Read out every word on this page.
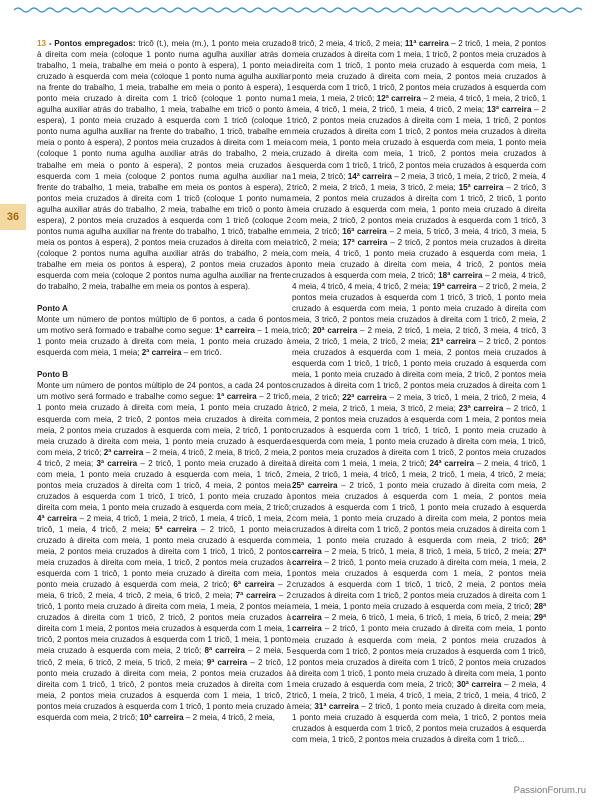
36

13 - Pontos empregados: tricô (t.), meia (m.), 1 ponto meia cruzado à direita com meia (coloque 1 ponto numa agulha auxiliar atrás do trabalho, 1 meia, trabalhe em meia o ponto à espera), 1 ponto meia cruzado à esquerda com meia (coloque 1 ponto numa agulha auxiliar na frente do trabalho, 1 meia, trabalhe em meia o ponto à espera), 1 ponto meia cruzado à direita com 1 tricô (coloque 1 ponto numa agulha auxiliar atrás do trabalho, 1 meia, trabalhe em tricô o ponto à espera), 1 ponto meia cruzado à esquerda com 1 tricô (coloque 1 ponto numa agulha auxiliar na frente do trabalho, 1 tricô, trabalhe em meia o ponto à espera), 2 pontos meia cruzados à direita com 1 meia (coloque 1 ponto numa agulha auxiliar atrás do trabalho, 2 meia, trabalhe em meia o ponto à espera), 2 pontos meia cruzados à esquerda com 1 meia (coloque 2 pontos numa agulha auxiliar na frente do trabalho, 1 meia, trabalhe em meia os pontos à espera), 2 pontos meia cruzados à direita com 1 tricô (coloque 1 ponto numa agulha auxiliar atrás do trabalho, 2 meia, trabalhe em tricô o ponto à espera), 2 pontos meia cruzados à esquerda com 1 tricô (coloque 2 pontos numa agulha auxiliar na frente do trabalho, 1 tricô, trabalhe em meia os pontos à espera), 2 pontos meia cruzados à direita com meia (coloque 2 pontos numa agulha auxiliar atrás do trabalho, 2 meia, trabalhe em meia os pontos à espera), 2 pontos meia cruzados à esquerda com meia (coloque 2 pontos numa agulha auxiliar na frente do trabalho, 2 meia, trabalhe em meia os pontos à espera).

Ponto A

Monte um número de pontos múltiplo de 6 pontos, a cada 6 pontos um motivo será formado e trabalhe como segue: 1ª carreira – 1 meia, 1 ponto meia cruzado à direita com meia, 1 ponto meia cruzado à esquerda com meia, 1 meia; 2ª carreira – em tricô.

Ponto B

Monte um número de pontos múltiplo de 24 pontos, a cada 24 pontos um motivo será formado e trabalhe como segue: 1ª carreira – 2 tricô, 1 ponto meia cruzado à direita com meia, 1 ponto meia cruzado à esquerda com meia, 2 tricô, 2 pontos meia cruzados à direita com meia, 2 pontos meia cruzados à esquerda com meia, 2 tricô, 1 ponto meia cruzado à direita com meia, 1 ponto meia cruzado à esquerda com meia, 2 tricô; 2ª carreira – 2 meia, 4 tricô, 2 meia, 8 tricô, 2 meia, 4 tricô, 2 meia; 3ª carreira – 2 tricô, 1 ponto meia cruzado à direita com meia, 1 ponto meia cruzado à esquerda com meia, 1 tricô, 2 pontos meia cruzados à direita com 1 tricô, 4 meia, 2 pontos meia cruzados à esquerda com 1 tricô, 1 tricô, 1 ponto meia cruzado à direita com meia, 1 ponto meia cruzado à esquerda com meia, 2 tricô; 4ª carreira – 2 meia, 4 tricô, 1 meia, 2 tricô, 1 meia, 4 tricô, 1 meia, 2 tricô, 1 meia, 4 tricô, 2 meia; 5ª carreira – 2 tricô, 1 ponto meia cruzado à direita com meia, 1 ponto meia cruzado à esquerda com meia, 2 pontos meia cruzados à direita com 1 tricô, 1 tricô, 2 pontos meia cruzados à direita com meia, 1 tricô, 2 pontos meia cruzados à esquerda com 1 tricô, 1 ponto meia cruzado à direita com meia, 1 ponto meia cruzado à esquerda com meia, 2 tricô; 6ª carreira – 2 meia, 6 tricô, 2 meia, 4 tricô, 2 meia, 6 tricô, 2 meia; 7ª carreira – 2 tricô, 1 ponto meia cruzado à direita com meia, 1 meia, 2 pontos meia cruzados à direita com 1 tricô, 2 tricô, 2 pontos meia cruzados à direita com 1 meia, 2 pontos meia cruzados à esquerda com 1 meia, 1 tricô, 2 pontos meia cruzados à esquerda com 1 tricô, 1 meia, 1 ponto meia cruzado à esquerda com meia, 2 tricô; 8ª carreira – 2 meia, 5 tricô, 2 meia, 6 tricô, 2 meia, 5 tricô, 2 meia; 9ª carreira – 2 tricô, 1 ponto meia cruzado à direita com meia, 2 pontos meia cruzados à direita com 1 tricô, 1 tricô, 2 pontos meia cruzados à direita com 1 meia, 2 pontos meia cruzados à esquerda com 1 meia, 1 tricô, 2 pontos meia cruzados à esquerda com 1 tricô, 1 ponto meia cruzado à esquerda com meia, 2 tricô; 10ª carreira – 2 meia, 4 tricô, 2 meia,

8 tricô, 2 meia, 4 tricô, 2 meia; 11ª carreira – 2 tricô, 1 meia, 2 pontos meia cruzados à direita com 1 meia, 1 tricô, 2 pontos meia cruzados à direita com 1 tricô, 1 ponto meia cruzado à esquerda com meia, 1 ponto meia cruzado à direita com meia, 2 pontos meia cruzados à esquerda com 1 tricô, 1 tricô, 2 pontos meia cruzados à esquerda com 1 meia, 1 meia, 2 tricô; 12ª carreira – 2 meia, 4 tricô, 1 meia, 2 tricô, 1 meia, 4 tricô, 1 meia, 2 tricô, 1 meia, 4 tricô, 2 meia; 13ª carreira – 2 tricô, 2 pontos meia cruzados à direita com 1 meia, 1 tricô, 2 pontos meia cruzados à direita com 1 tricô, 2 pontos meia cruzados à direita com meia, 1 ponto meia cruzado à esquerda com meia, 1 ponto meia cruzado à direita com meia, 1 tricô, 2 pontos meia cruzados à esquerda com 1 tricô, 1 tricô, 2 pontos meia cruzados à esquerda com 1 meia, 2 tricô; 14ª carreira – 2 meia, 3 tricô, 1 meia, 2 tricô, 2 meia, 4 tricô, 2 meia, 2 tricô, 1 meia, 3 tricô, 2 meia; 15ª carreira – 2 tricô, 3 meia, 2 pontos meia cruzados à direita com 1 tricô, 2 tricô, 1 ponto meia cruzado à esquerda com meia, 1 ponto meia cruzado à direita com meia, 2 tricô, 2 pontos meia cruzados à esquerda com 1 tricô, 3 meia, 2 tricô; 16ª carreira – 2 meia, 5 tricô, 3 meia, 4 tricô, 3 meia, 5 tricô, 2 meia; 17ª carreira – 2 tricô, 2 pontos meia cruzados à direita com meia, 4 tricô, 1 ponto meia cruzado à esquerda com meia, 1 ponto meia cruzado à direita com meia, 4 tricô, 2 pontos meia cruzados à esquerda com meia, 2 tricô; 18ª carreira – 2 meia, 4 tricô, 4 meia, 4 tricô, 4 meia, 4 tricô, 2 meia; 19ª carreira – 2 tricô, 2 meia, 2 pontos meia cruzados à esquerda com 1 tricô, 3 tricô, 1 ponto meia cruzado à esquerda com meia, 1 ponto meia cruzado à direita com meia, 3 tricô, 2 pontos meia cruzados à direita com 1 tricô, 2 meia, 2 tricô; 20ª carreira – 2 meia, 2 tricô, 1 meia, 2 tricô, 3 meia, 4 tricô, 3 meia, 2 tricô, 1 meia, 2 tricô, 2 meia; 21ª carreira – 2 tricô, 2 pontos meia cruzados à esquerda com 1 meia, 2 pontos meia cruzados à esquerda com 1 tricô, 1 tricô, 1 ponto meia cruzado à esquerda com meia, 1 ponto meia cruzado à direita com meia, 2 tricô, 2 pontos meia cruzados à direita com 1 tricô, 2 pontos meia cruzados à direita com 1 meia, 2 tricô; 22ª carreira – 2 meia, 3 tricô, 1 meia, 2 tricô, 2 meia, 4 tricô, 2 meia, 2 tricô, 1 meia, 3 tricô, 2 meia; 23ª carreira – 2 tricô, 1 meia, 2 pontos meia cruzados à esquerda com 1 meia, 2 pontos meia cruzados à esquerda com 1 tricô, 1 tricô, 1 ponto meia cruzado à esquerda com meia, 1 ponto meia cruzado à direita com meia, 1 tricô, 2 pontos meia cruzados à direita com 1 tricô, 2 pontos meia cruzados à direita com 1 meia, 1 meia, 2 tricô; 24ª carreira – 2 meia, 4 tricô, 1 meia, 2 tricô, 1 meia, 4 tricô, 1 meia, 2 tricô, 1 meia, 4 tricô, 2 meia; 25ª carreira – 2 tricô, 1 ponto meia cruzado à direita com meia, 2 pontos meia cruzados à esquerda com 1 meia, 2 pontos meia cruzados à esquerda com 1 tricô, 1 ponto meia cruzado à esquerda com meia, 1 ponto meia cruzado à direita com meia, 2 pontos meia cruzados à direita com 1 tricô, 2 pontos meia cruzados à direita com 1 meia, 1 ponto meia cruzado à esquerda com meia, 2 tricô; 26ª carreira – 2 meia, 5 tricô, 1 meia, 8 tricô, 1 meia, 5 tricô, 2 meia; 27ª carreira – 2 tricô, 1 ponto meia cruzado à direita com meia, 1 meia, 2 pontos meia cruzados à esquerda com 1 meia, 2 pontos meia cruzados à esquerda com 1 tricô, 1 tricô, 2 meia, 2 pontos meia cruzados à direita com 1 tricô, 2 pontos meia cruzados à direita com 1 meia, 1 meia, 1 ponto meia cruzado à esquerda com meia, 2 tricô; 28ª carreira – 2 meia, 6 tricô, 1 meia, 6 tricô, 1 meia, 6 tricô, 2 meia; 29ª carreira – 2 tricô, 1 ponto meia cruzado à direita com meia, 1 ponto meia cruzado à esquerda com meia, 2 pontos meia cruzados à esquerda com 1 tricô, 2 pontos meia cruzados à esquerda com 1 tricô, 2 pontos meia cruzados à direita com 1 tricô, 2 pontos meia cruzados à direita com 1 tricô, 1 ponto meia cruzado à direita com meia, 1 ponto meia cruzado à esquerda com meia, 2 tricô; 30ª carreira – 2 meia, 4 tricô, 1 meia, 2 tricô, 1 meia, 4 tricô, 1 meia, 2 tricô, 1 meia, 4 tricô, 2 meia; 31ª carreira – 2 tricô, 1 ponto meia cruzado à direita com meia, 1 ponto meia cruzado à esquerda com meia, 1 tricô, 2 pontos meia cruzados à esquerda com 1 tricô, 2 pontos meia cruzados à esquerda com meia, 1 tricô, 2 pontos meia cruzados à direita com 1 tricô...

PassionForum.ru
